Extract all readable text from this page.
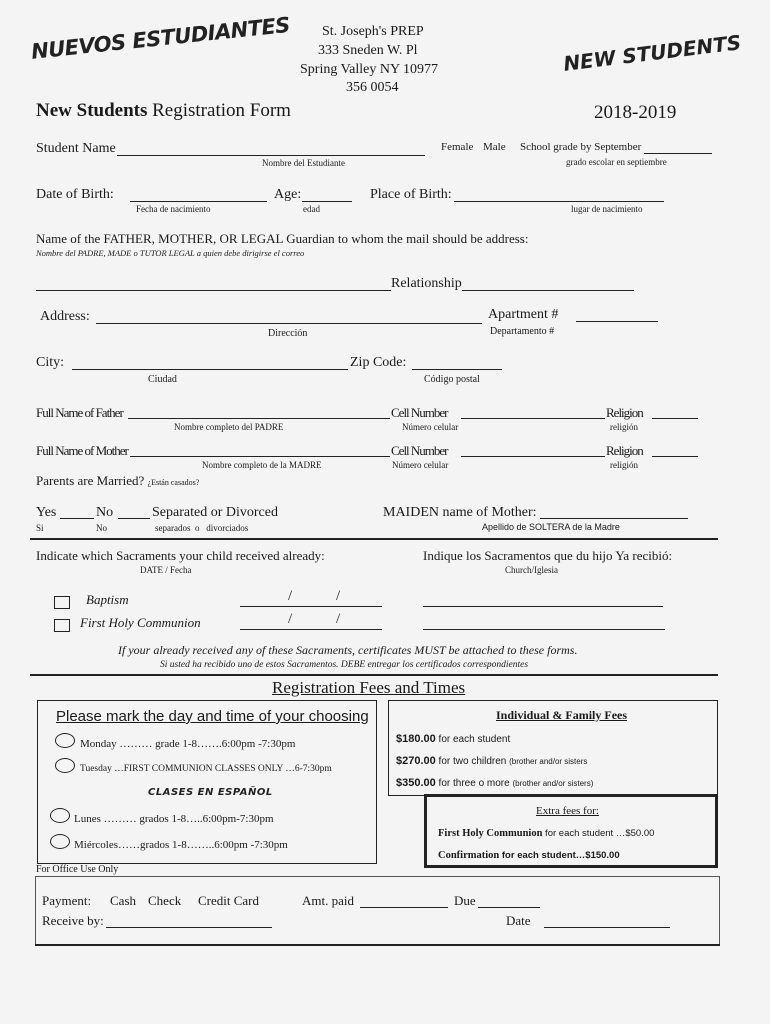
NUEVOS ESTUDIANTES	NEW STUDENTS
St. Joseph's PREP
333 Sneden W. Pl
Spring Valley NY 10977
356 0054
New Students Registration Form	2018-2019
Student Name
Nombre del Estudiante
Female Male School grade by September
grado escolar en septiembre
Date of Birth:
Fecha de nacimiento
Age:
edad
Place of Birth:
lugar de nacimiento
Name of the FATHER, MOTHER, OR LEGAL Guardian to whom the mail should be address:
Nombre del PADRE, MADE o TUTOR LEGAL a quien debe dirigirse el correo
Relationship
Address:
Dirección
Apartment #
Departamento #
City:
Ciudad
Zip Code:
Código postal
Full Name of Father
Nombre completo del PADRE
Cell Number
Número celular
Religion
religión
Full Name of Mother
Nombre completo de la MADRE
Cell Number
Número celular
Religion
religión
Parents are Married? ¿Están casados?
Yes	No	Separated or Divorced
Si	No	separados  o   divorciados
MAIDEN name of Mother:
Apellido de SOLTERA de la Madre
Indicate which Sacraments your child received already:
DATE / Fecha
Indique los Sacramentos que du hijo Ya recibió:
Church/Iglesia
Baptism	/	/
First Holy Communion	/	/
If your already received any of these Sacraments, certificates MUST be attached to these forms.
Si usted ha recibido uno de estos Sacramentos. DEBE entregar los certificados correspondientes
Registration Fees and Times
Please mark the day and time of your choosing
Monday ……… grade 1-8…….6:00pm -7:30pm
Tuesday …FIRST COMMUNION CLASSES ONLY …6-7:30pm
CLASES EN ESPAÑOL
Lunes ……… grados 1-8…..6:00pm-7:30pm
Miércoles……grados 1-8……..6:00pm -7:30pm
Individual & Family Fees
$180.00 for each student
$270.00 for two children (brother and/or sisters
$350.00 for three o more (brother and/or sisters)
Extra fees for:
First Holy Communion for each student …$50.00
Confirmation for each student…$150.00
For Office Use Only
Payment: Cash Check Credit Card	Amt. paid	Due
Receive by:	Date
